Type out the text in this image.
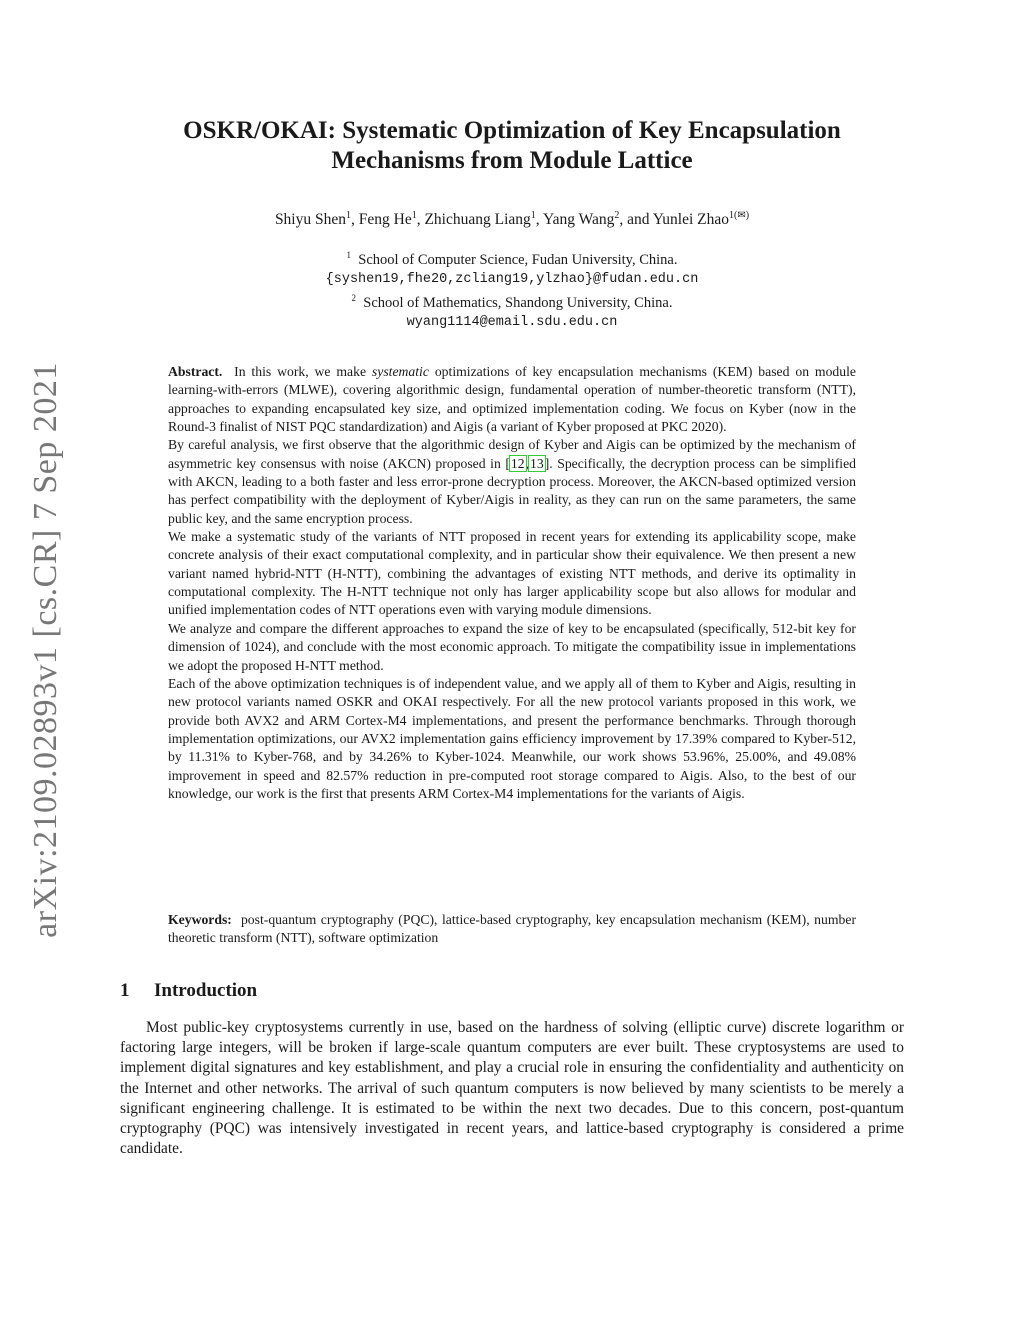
arXiv:2109.02893v1 [cs.CR] 7 Sep 2021
OSKR/OKAI: Systematic Optimization of Key Encapsulation
Mechanisms from Module Lattice
Shiyu Shen$^1$, Feng He$^1$, Zhichuang Liang$^1$, Yang Wang$^2$, and Yunlei Zhao$^{1(✉)}$
$^1$ School of Computer Science, Fudan University, China.
{syshen19,fhe20,zcliang19,ylzhao}@fudan.edu.cn
$^2$ School of Mathematics, Shandong University, China.
wyang1114@email.sdu.edu.cn

Abstract. In this work, we make systematic optimizations of key encapsulation mechanisms (KEM) based on module learning-with-errors (MLWE), covering algorithmic design, fundamental operation of number-theoretic transform (NTT), approaches to expanding encapsulated key size, and optimized implementation coding. We focus on Kyber (now in the Round-3 finalist of NIST PQC standardization) and Aigis (a variant of Kyber proposed at PKC 2020).

By careful analysis, we first observe that the algorithmic design of Kyber and Aigis can be optimized by the mechanism of asymmetric key consensus with noise (AKCN) proposed in [12,13]. Specifically, the decryption process can be simplified with AKCN, leading to a both faster and less error-prone decryption process. Moreover, the AKCN-based optimized version has perfect compatibility with the deployment of Kyber/Aigis in reality, as they can run on the same parameters, the same public key, and the same encryption process.

We make a systematic study of the variants of NTT proposed in recent years for extending its applicability scope, make concrete analysis of their exact computational complexity, and in particular show their equivalence. We then present a new variant named hybrid-NTT (H-NTT), combining the advantages of existing NTT methods, and derive its optimality in computational complexity. The H-NTT technique not only has larger applicability scope but also allows for modular and unified implementation codes of NTT operations even with varying module dimensions.

We analyze and compare the different approaches to expand the size of key to be encapsulated (specifically, 512-bit key for dimension of 1024), and conclude with the most economic approach. To mitigate the compatibility issue in implementations we adopt the proposed H-NTT method.

Each of the above optimization techniques is of independent value, and we apply all of them to Kyber and Aigis, resulting in new protocol variants named OSKR and OKAI respectively. For all the new protocol variants proposed in this work, we provide both AVX2 and ARM Cortex-M4 implementations, and present the performance benchmarks. Through thorough implementation optimizations, our AVX2 implementation gains efficiency improvement by 17.39% compared to Kyber-512, by 11.31% to Kyber-768, and by 34.26% to Kyber-1024. Meanwhile, our work shows 53.96%, 25.00%, and 49.08% improvement in speed and 82.57% reduction in pre-computed root storage compared to Aigis. Also, to the best of our knowledge, our work is the first that presents ARM Cortex-M4 implementations for the variants of Aigis.

Keywords: post-quantum cryptography (PQC), lattice-based cryptography, key encapsulation mechanism (KEM), number theoretic transform (NTT), software optimization
1 Introduction

Most public-key cryptosystems currently in use, based on the hardness of solving (elliptic curve) discrete logarithm or factoring large integers, will be broken if large-scale quantum computers are ever built. These cryptosystems are used to implement digital signatures and key establishment, and play a crucial role in ensuring the confidentiality and authenticity on the Internet and other networks. The arrival of such quantum computers is now believed by many scientists to be merely a significant engineering challenge. It is estimated to be within the next two decades. Due to this concern, post-quantum cryptography (PQC) was intensively investigated in recent years, and lattice-based cryptography is considered a prime candidate.
